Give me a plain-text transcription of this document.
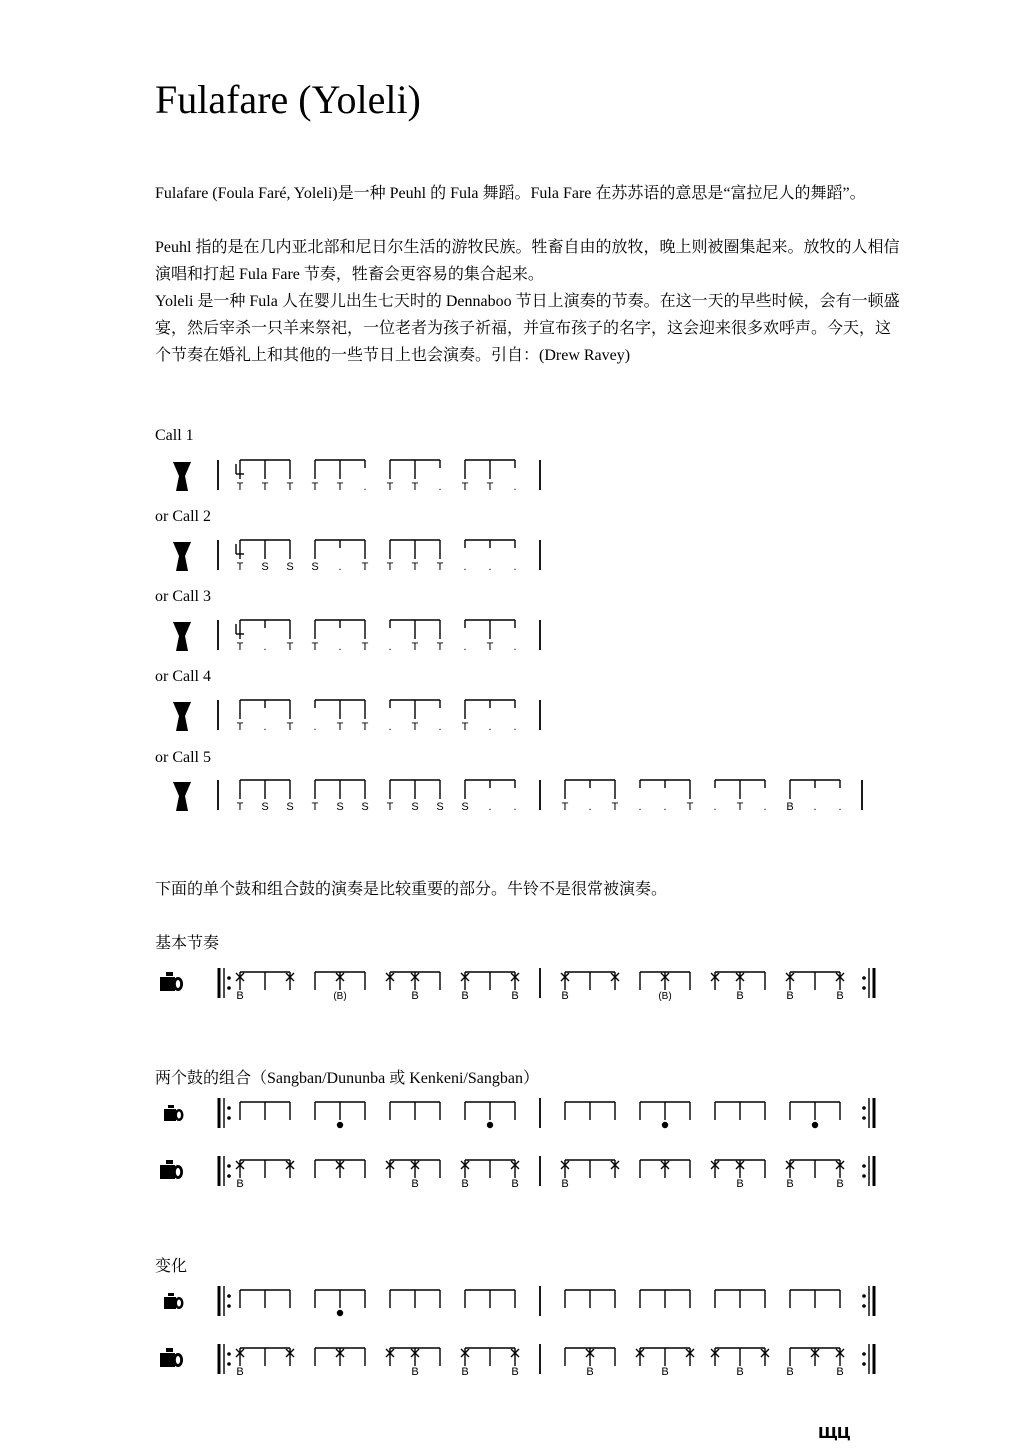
Fulafare (Yoleli)
Fulafare (Foula Faré, Yoleli)是一种 Peuhl 的 Fula 舞蹈。Fula Fare 在苏苏语的意思是“富拉尼人的舞蹈”。
Peuhl 指的是在几内亚北部和尼日尔生活的游牧民族。牲畜自由的放牧，晚上则被圈集起来。放牧的人相信演唱和打起 Fula Fare 节奏，牲畜会更容易的集合起来。
Yoleli 是一种 Fula 人在婴儿出生七天时的 Dennaboo 节日上演奏的节奏。在这一天的早些时候，会有一顿盛宴，然后宰杀一只羊来祭祀，一位老者为孩子祈福，并宣布孩子的名字，这会迎来很多欢呼声。今天，这个节奏在婚礼上和其他的一些节日上也会演奏。引自：(Drew Ravey)
Call 1
or Call 2
or Call 3
or Call 4
or Call 5
下面的单个鼓和组合鼓的演奏是比较重要的部分。牛铃不是很常被演奏。
基本节奏
两个鼓的组合（Sangban/Dununba 或 Kenkeni/Sangban）
变化
T T T T T . T T . T T .
T S S S . T T T T . . .
T . T T . T . T T . T .
T . T . T T . T . T . .
T S S T S S T S S S . .	T . T . . T . T . B . .
B	(B)	B	B	B	B	(B)	B	B	B
B	B	B	B	B	B	B	B
B	B	B	B	B	B	B	B	B
ЩЦ
